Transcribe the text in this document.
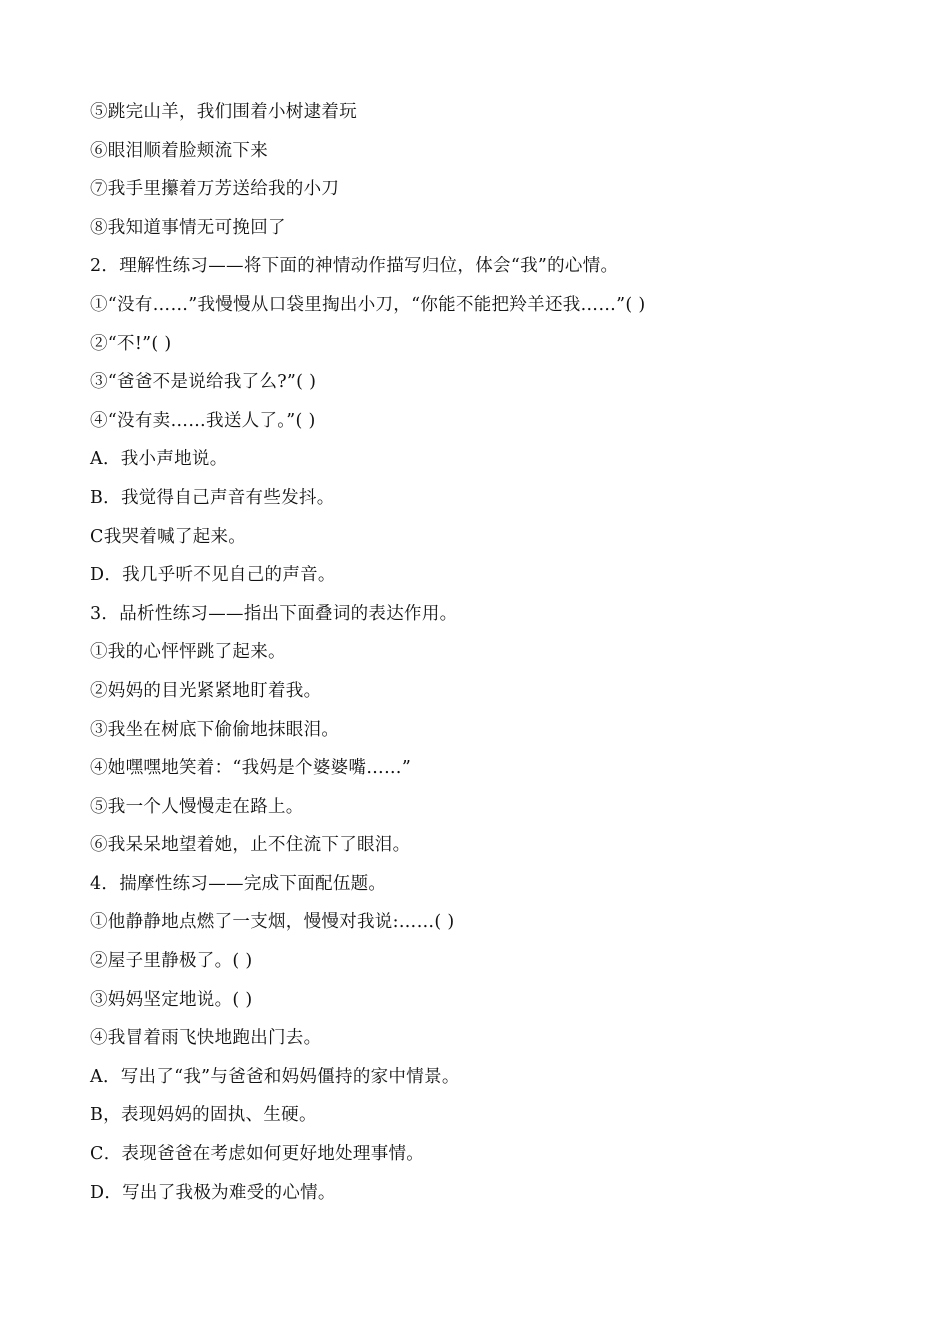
⑤跳完山羊，我们围着小树逮着玩
⑥眼泪顺着脸颊流下来
⑦我手里攥着万芳送给我的小刀
⑧我知道事情无可挽回了
2．理解性练习——将下面的神情动作描写归位，体会“我”的心情。
①“没有……”我慢慢从口袋里掏出小刀，“你能不能把羚羊还我……”( )
②“不!”( )
③“爸爸不是说给我了么?”( )
④“没有卖……我送人了。”( )
A．我小声地说。
B．我觉得自己声音有些发抖。
C我哭着喊了起来。
D．我几乎听不见自己的声音。
3．品析性练习——指出下面叠词的表达作用。
①我的心怦怦跳了起来。
②妈妈的目光紧紧地盯着我。
③我坐在树底下偷偷地抹眼泪。
④她嘿嘿地笑着：“我妈是个婆婆嘴……”
⑤我一个人慢慢走在路上。
⑥我呆呆地望着她，止不住流下了眼泪。
4．揣摩性练习——完成下面配伍题。
①他静静地点燃了一支烟，慢慢对我说:……( )
②屋子里静极了。( )
③妈妈坚定地说。( )
④我冒着雨飞快地跑出门去。
A．写出了“我”与爸爸和妈妈僵持的家中情景。
B，表现妈妈的固执、生硬。
C．表现爸爸在考虑如何更好地处理事情。
D．写出了我极为难受的心情。
